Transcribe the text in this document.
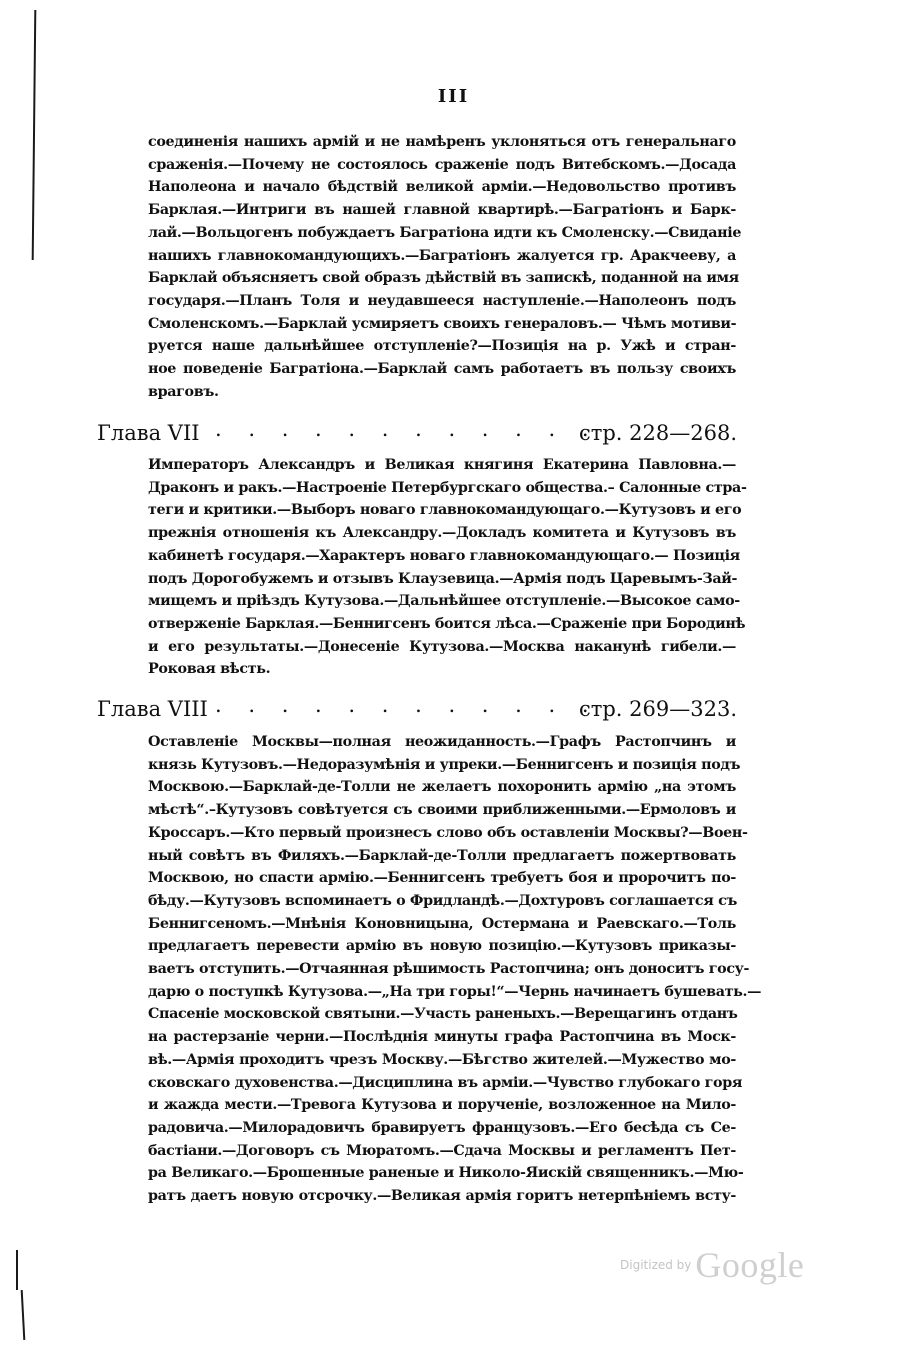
III
соединенія нашихъ армій и не намѣренъ уклоняться отъ генеральнаго
сраженія.—Почему не состоялось сраженіе подъ Витебскомъ.—Досада
Наполеона и начало бѣдствій великой арміи.—Недовольство противъ
Барклая.—Интриги въ нашей главной квартирѣ.—Багратіонъ и Барк-
лай.—Вольцогенъ побуждаетъ Багратіона идти къ Смоленску.—Свиданіе
нашихъ главнокомандующихъ.—Багратіонъ жалуется гр. Аракчееву, а
Барклай объясняетъ свой образъ дѣйствій въ запискѣ, поданной на имя
государя.—Планъ Толя и неудавшееся наступленіе.—Наполеонъ подъ
Смоленскомъ.—Барклай усмиряетъ своихъ генераловъ.— Чѣмъ мотиви-
руется наше дальнѣйшее отступленіе?—Позиція на р. Ужѣ и стран-
ное поведеніе Багратіона.—Барклай самъ работаетъ въ пользу своихъ
враговъ.
Глава VII . . . . . . . . . . . .
стр. 228—268.
Императоръ Александръ и Великая княгиня Екатерина Павловна.—
Драконъ и ракъ.—Настроеніе Петербургскаго общества.– Салонные стра-
теги и критики.—Выборъ новаго главнокомандующаго.—Кутузовъ и его
прежнія отношенія къ Александру.—Докладъ комитета и Кутузовъ въ
кабинетѣ государя.—Характеръ новаго главнокомандующаго.— Позиція
подъ Дорогобужемъ и отзывъ Клаузевица.—Армія подъ Царевымъ-Зай-
мищемъ и пріѣздъ Кутузова.—Дальнѣйшее отступленіе.—Высокое само-
отверженіе Барклая.—Беннигсенъ боится лѣса.—Сраженіе при Бородинѣ
и его результаты.—Донесеніе Кутузова.—Москва наканунѣ гибели.—
Роковая вѣсть.
Глава VIII . . . . . . . . . . . .
стр. 269—323.
Оставленіе Москвы—полная неожиданность.—Графъ Растопчинъ и
князь Кутузовъ.—Недоразумѣнія и упреки.—Беннигсенъ и позиція подъ
Москвою.—Барклай-де-Толли не желаетъ похоронить армію „на этомъ
мѣстѣ“.–Кутузовъ совѣтуется съ своими приближенными.—Ермоловъ и
Кроссаръ.—Кто первый произнесъ слово объ оставленіи Москвы?—Воен-
ный совѣтъ въ Филяхъ.—Барклай-де-Толли предлагаетъ пожертвовать
Москвою, но спасти армію.—Беннигсенъ требуетъ боя и пророчитъ по-
бѣду.—Кутузовъ вспоминаетъ о Фридландѣ.—Дохтуровъ соглашается съ
Беннигсеномъ.—Мнѣнія Коновницына, Остермана и Раевскаго.—Толь
предлагаетъ перевести армію въ новую позицію.—Кутузовъ приказы-
ваетъ отступить.—Отчаянная рѣшимость Растопчина; онъ доноситъ госу-
дарю о поступкѣ Кутузова.—„На три горы!“—Чернь начинаетъ бушевать.—
Спасеніе московской святыни.—Участь раненыхъ.—Верещагинъ отданъ
на растерзаніе черни.—Послѣднія минуты графа Растопчина въ Моск-
вѣ.—Армія проходитъ чрезъ Москву.—Бѣгство жителей.—Мужество мо-
сковскаго духовенства.—Дисциплина въ арміи.—Чувство глубокаго горя
и жажда мести.—Тревога Кутузова и порученіе, возложенное на Мило-
радовича.—Милорадовичъ бравируетъ французовъ.—Его бесѣда съ Се-
бастіани.—Договоръ съ Мюратомъ.—Сдача Москвы и регламентъ Пет-
ра Великаго.—Брошенные раненые и Николо-Яискій священникъ.—Мю-
ратъ даетъ новую отсрочку.—Великая армія горитъ нетерпѣніемъ всту-
Digitized by Google
